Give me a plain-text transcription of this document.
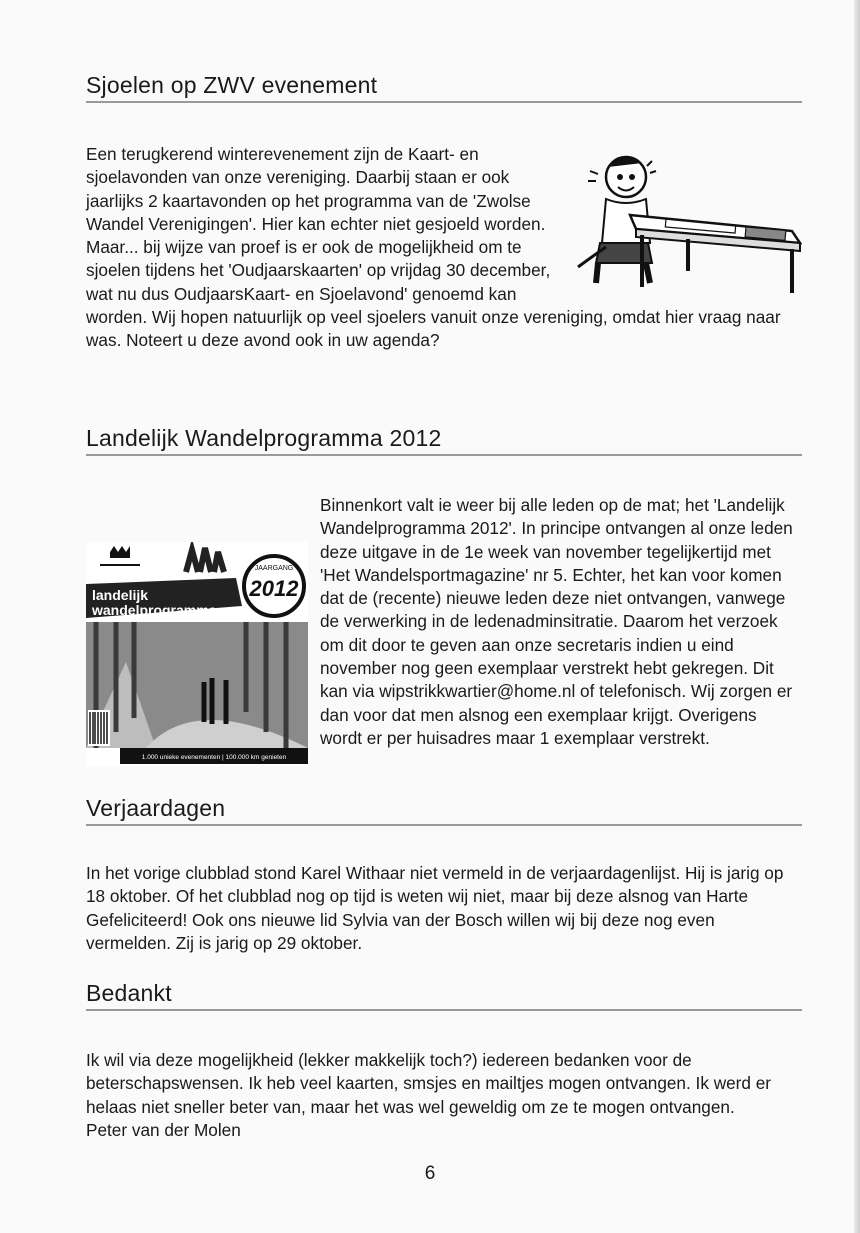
Sjoelen op ZWV evenement

Een terugkerend winterevenement zijn de Kaart- en sjoelavonden van onze vereniging. Daarbij staan er ook jaarlijks 2 kaartavonden op het programma van de 'Zwolse Wandel Verenigingen'. Hier kan echter niet gesjoeld worden. Maar... bij wijze van proef is er ook de mogelijkheid om te sjoelen tijdens het 'Oudjaarskaarten' op vrijdag 30 december, wat nu dus OudjaarsKaart- en Sjoelavond' genoemd kan worden. Wij hopen natuurlijk op veel sjoelers vanuit onze vereniging, omdat hier vraag naar was. Noteert u deze avond ook in uw agenda?

Landelijk Wandelprogramma 2012
landelijk
wandelprogramma
JAARGANG
2012
1.000 unieke evenementen | 100.000 km genieten

Binnenkort valt ie weer bij alle leden op de mat; het 'Landelijk Wandelprogramma 2012'. In principe ontvangen al onze leden deze uitgave in de 1e week van november tegelijkertijd met 'Het Wandelsportmagazine' nr 5. Echter, het kan voor komen dat de (recente) nieuwe leden deze niet ontvangen, vanwege de verwerking in de ledenadminsitratie. Daarom het verzoek om dit door te geven aan onze secretaris indien u eind november nog geen exemplaar verstrekt hebt gekregen. Dit kan via wipstrikkwartier@home.nl of telefonisch. Wij zorgen er dan voor dat men alsnog een exemplaar krijgt. Overigens wordt er per huisadres maar 1 exemplaar verstrekt.

Verjaardagen

In het vorige clubblad stond Karel Withaar niet vermeld in de verjaardagenlijst. Hij is jarig op 18 oktober. Of het clubblad nog op tijd is weten wij niet, maar bij deze alsnog van Harte Gefeliciteerd! Ook ons nieuwe lid Sylvia van der Bosch willen wij bij deze nog even vermelden. Zij is jarig op 29 oktober.

Bedankt

Ik wil via deze mogelijkheid (lekker makkelijk toch?) iedereen bedanken voor de beterschapswensen. Ik heb veel kaarten, smsjes en mailtjes mogen ontvangen. Ik werd er helaas niet sneller beter van, maar het was wel geweldig om ze te mogen ontvangen.

Peter van der Molen

6
